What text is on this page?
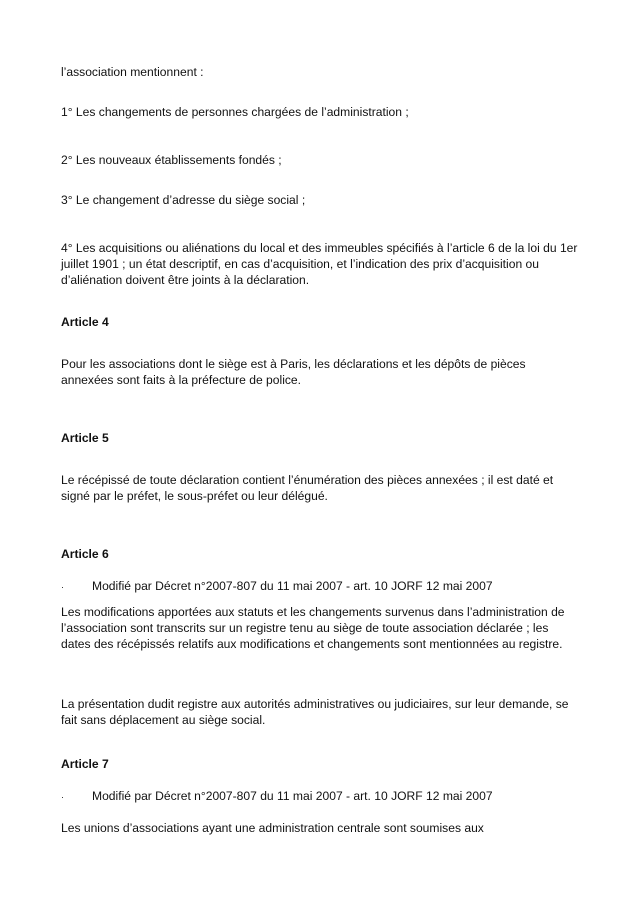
l’association mentionnent :

1° Les changements de personnes chargées de l’administration ;

2° Les nouveaux établissements fondés ;

3° Le changement d’adresse du siège social ;

4° Les acquisitions ou aliénations du local et des immeubles spécifiés à l’article 6 de la loi du 1er juillet 1901 ; un état descriptif, en cas d’acquisition, et l’indication des prix d’acquisition ou d’aliénation doivent être joints à la déclaration.

Article 4

Pour les associations dont le siège est à Paris, les déclarations et les dépôts de pièces annexées sont faits à la préfecture de police.

Article 5

Le récépissé de toute déclaration contient l’énumération des pièces annexées ; il est daté et signé par le préfet, le sous-préfet ou leur délégué.

Article 6

· Modifié par Décret n°2007-807 du 11 mai 2007 - art. 10 JORF 12 mai 2007

Les modifications apportées aux statuts et les changements survenus dans l’administration de l’association sont transcrits sur un registre tenu au siège de toute association déclarée ; les dates des récépissés relatifs aux modifications et changements sont mentionnées au registre.

La présentation dudit registre aux autorités administratives ou judiciaires, sur leur demande, se fait sans déplacement au siège social.

Article 7

· Modifié par Décret n°2007-807 du 11 mai 2007 - art. 10 JORF 12 mai 2007

Les unions d’associations ayant une administration centrale sont soumises aux
